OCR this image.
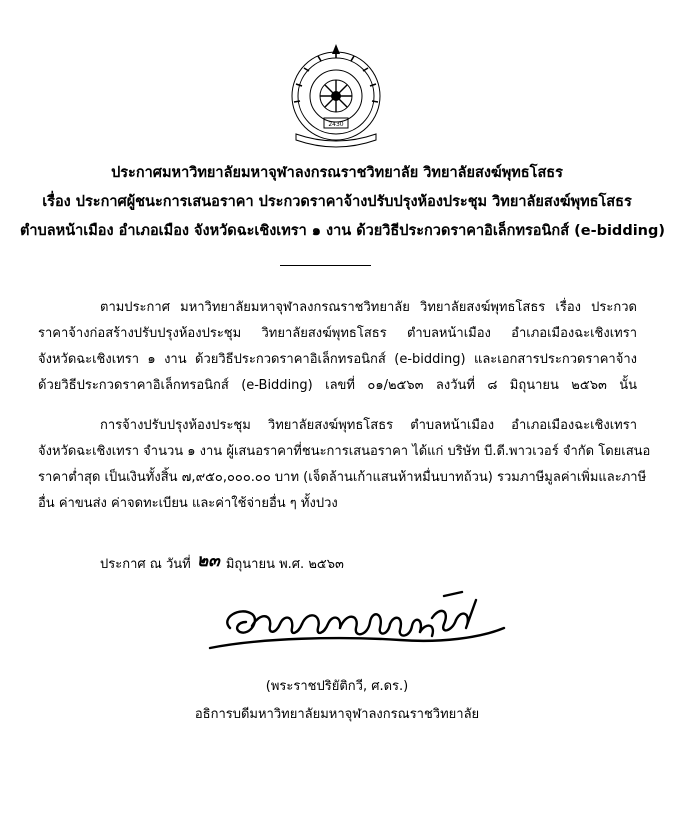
2430
ประกาศมหาวิทยาลัยมหาจุฬาลงกรณราชวิทยาลัย วิทยาลัยสงฆ์พุทธโสธร
เรื่อง ประกาศผู้ชนะการเสนอราคา ประกวดราคาจ้างปรับปรุงห้องประชุม วิทยาลัยสงฆ์พุทธโสธร
ตำบลหน้าเมือง อำเภอเมือง จังหวัดฉะเชิงเทรา ๑ งาน ด้วยวิธีประกวดราคาอิเล็กทรอนิกส์ (e-bidding)
ตามประกาศ มหาวิทยาลัยมหาจุฬาลงกรณราชวิทยาลัย วิทยาลัยสงฆ์พุทธโสธร เรื่อง ประกวด
ราคาจ้างก่อสร้างปรับปรุงห้องประชุม วิทยาลัยสงฆ์พุทธโสธร ตำบลหน้าเมือง อำเภอเมืองฉะเชิงเทรา
จังหวัดฉะเชิงเทรา ๑ งาน ด้วยวิธีประกวดราคาอิเล็กทรอนิกส์ (e-bidding) และเอกสารประกวดราคาจ้าง
ด้วยวิธีประกวดราคาอิเล็กทรอนิกส์ (e-Bidding) เลขที่ ๐๑/๒๕๖๓ ลงวันที่ ๘ มิถุนายน ๒๕๖๓ นั้น
การจ้างปรับปรุงห้องประชุม วิทยาลัยสงฆ์พุทธโสธร ตำบลหน้าเมือง อำเภอเมืองฉะเชิงเทรา
จังหวัดฉะเชิงเทรา จำนวน ๑ งาน ผู้เสนอราคาที่ชนะการเสนอราคา ได้แก่ บริษัท บี.ดี.พาวเวอร์ จำกัด โดยเสนอ
ราคาต่ำสุด เป็นเงินทั้งสิ้น ๗,๙๕๐,๐๐๐.๐๐ บาท (เจ็ดล้านเก้าแสนห้าหมื่นบาทถ้วน) รวมภาษีมูลค่าเพิ่มและภาษี
อื่น ค่าขนส่ง ค่าจดทะเบียน และค่าใช้จ่ายอื่น ๆ ทั้งปวง
ประกาศ ณ วันที่ ๒๓ มิถุนายน พ.ศ. ๒๕๖๓
(พระราชปริยัติกวี, ศ.ดร.)
อธิการบดีมหาวิทยาลัยมหาจุฬาลงกรณราชวิทยาลัย
